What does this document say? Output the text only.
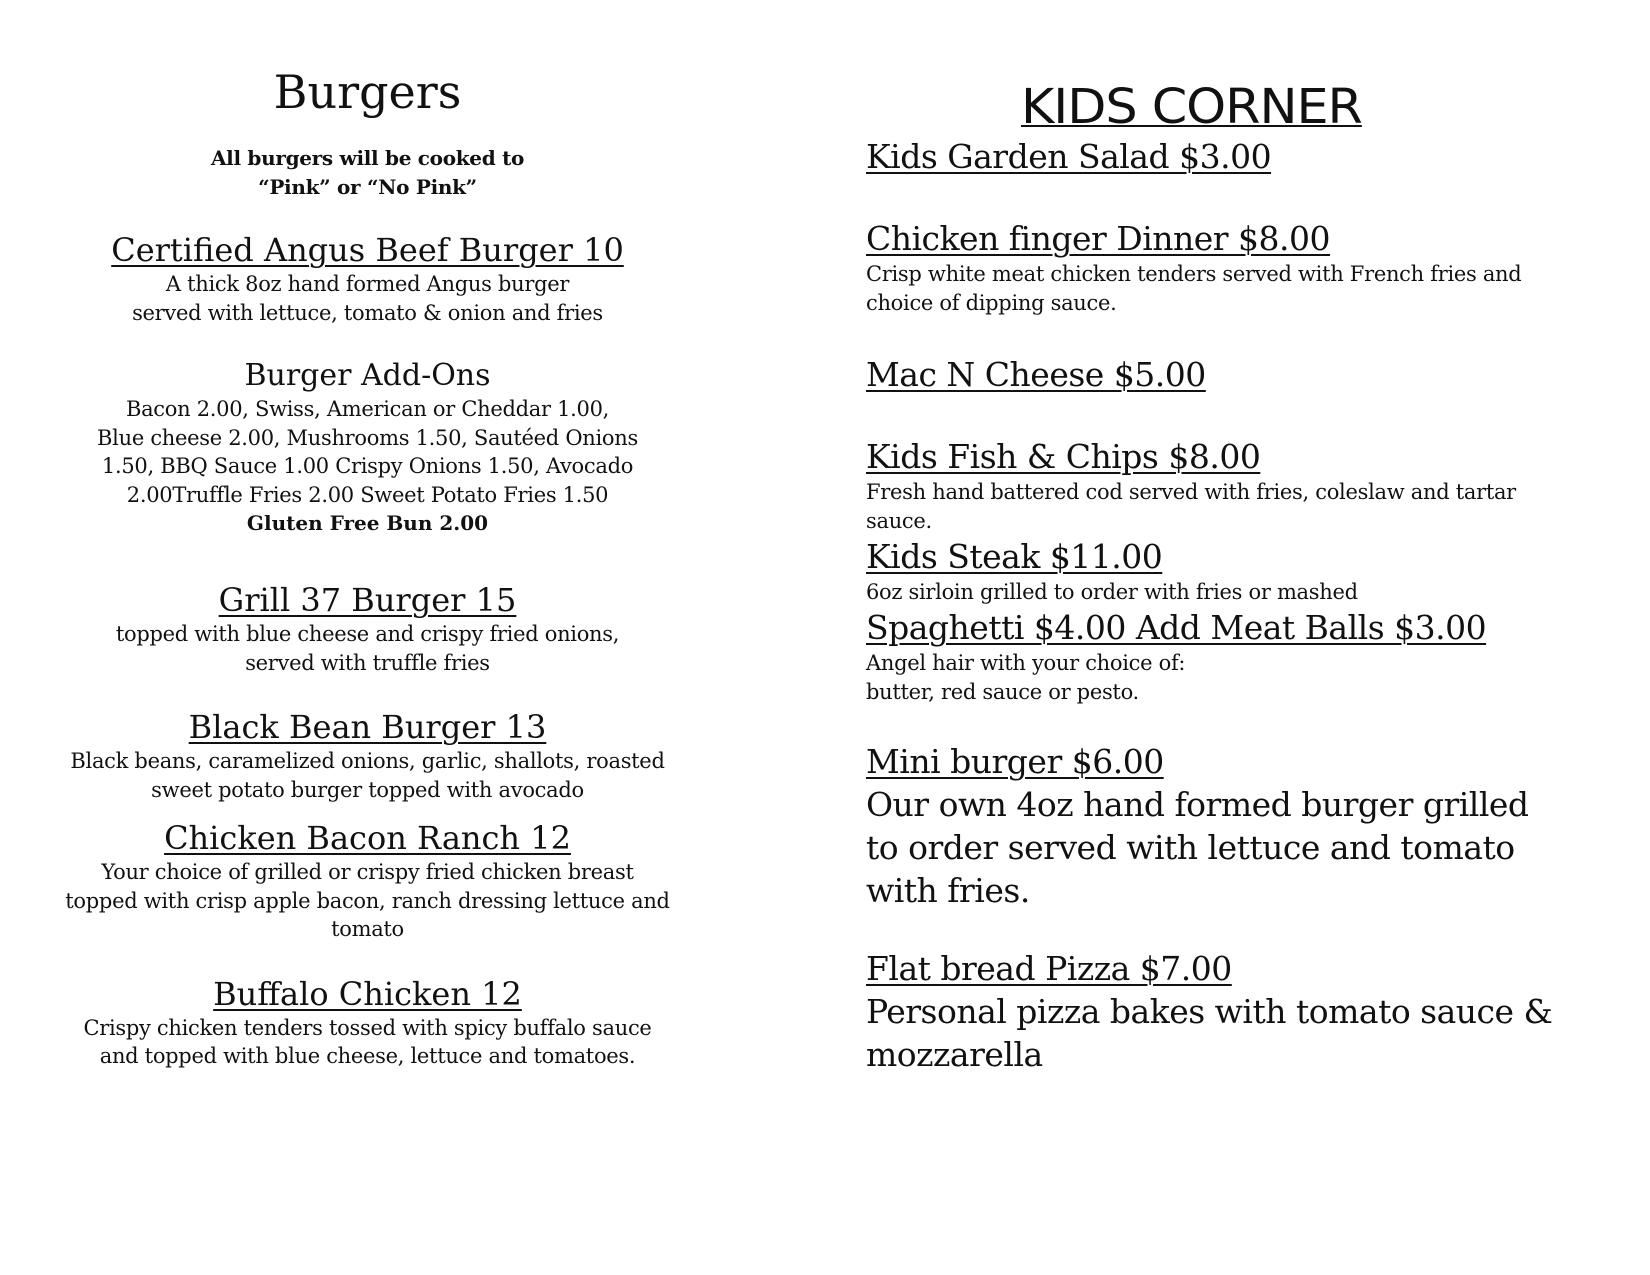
Burgers

All burgers will be cooked to
“Pink” or “No Pink”

Certified Angus Beef Burger 10

A thick 8oz hand formed Angus burger
served with lettuce, tomato & onion and fries

Burger Add-Ons

Bacon 2.00, Swiss, American or Cheddar 1.00,
Blue cheese 2.00, Mushrooms 1.50, Sautéed Onions
1.50, BBQ Sauce 1.00 Crispy Onions 1.50, Avocado
2.00Truffle Fries 2.00 Sweet Potato Fries 1.50

Gluten Free Bun 2.00

Grill 37 Burger 15

topped with blue cheese and crispy fried onions,
served with truffle fries

Black Bean Burger 13

Black beans, caramelized onions, garlic, shallots, roasted
sweet potato burger topped with avocado

Chicken Bacon Ranch 12

Your choice of grilled or crispy fried chicken breast
topped with crisp apple bacon, ranch dressing lettuce and
tomato

Buffalo Chicken 12

Crispy chicken tenders tossed with spicy buffalo sauce
and topped with blue cheese, lettuce and tomatoes.

KIDS CORNER

Kids Garden Salad $3.00

Chicken finger Dinner $8.00

Crisp white meat chicken tenders served with French fries and
choice of dipping sauce.

Mac N Cheese $5.00

Kids Fish & Chips $8.00

Fresh hand battered cod served with fries, coleslaw and tartar
sauce.

Kids Steak $11.00

6oz sirloin grilled to order with fries or mashed

Spaghetti $4.00 Add Meat Balls $3.00

Angel hair with your choice of:
butter, red sauce or pesto.

Mini burger $6.00

Our own 4oz hand formed burger grilled
to order served with lettuce and tomato
with fries.

Flat bread Pizza $7.00

Personal pizza bakes with tomato sauce &
mozzarella
